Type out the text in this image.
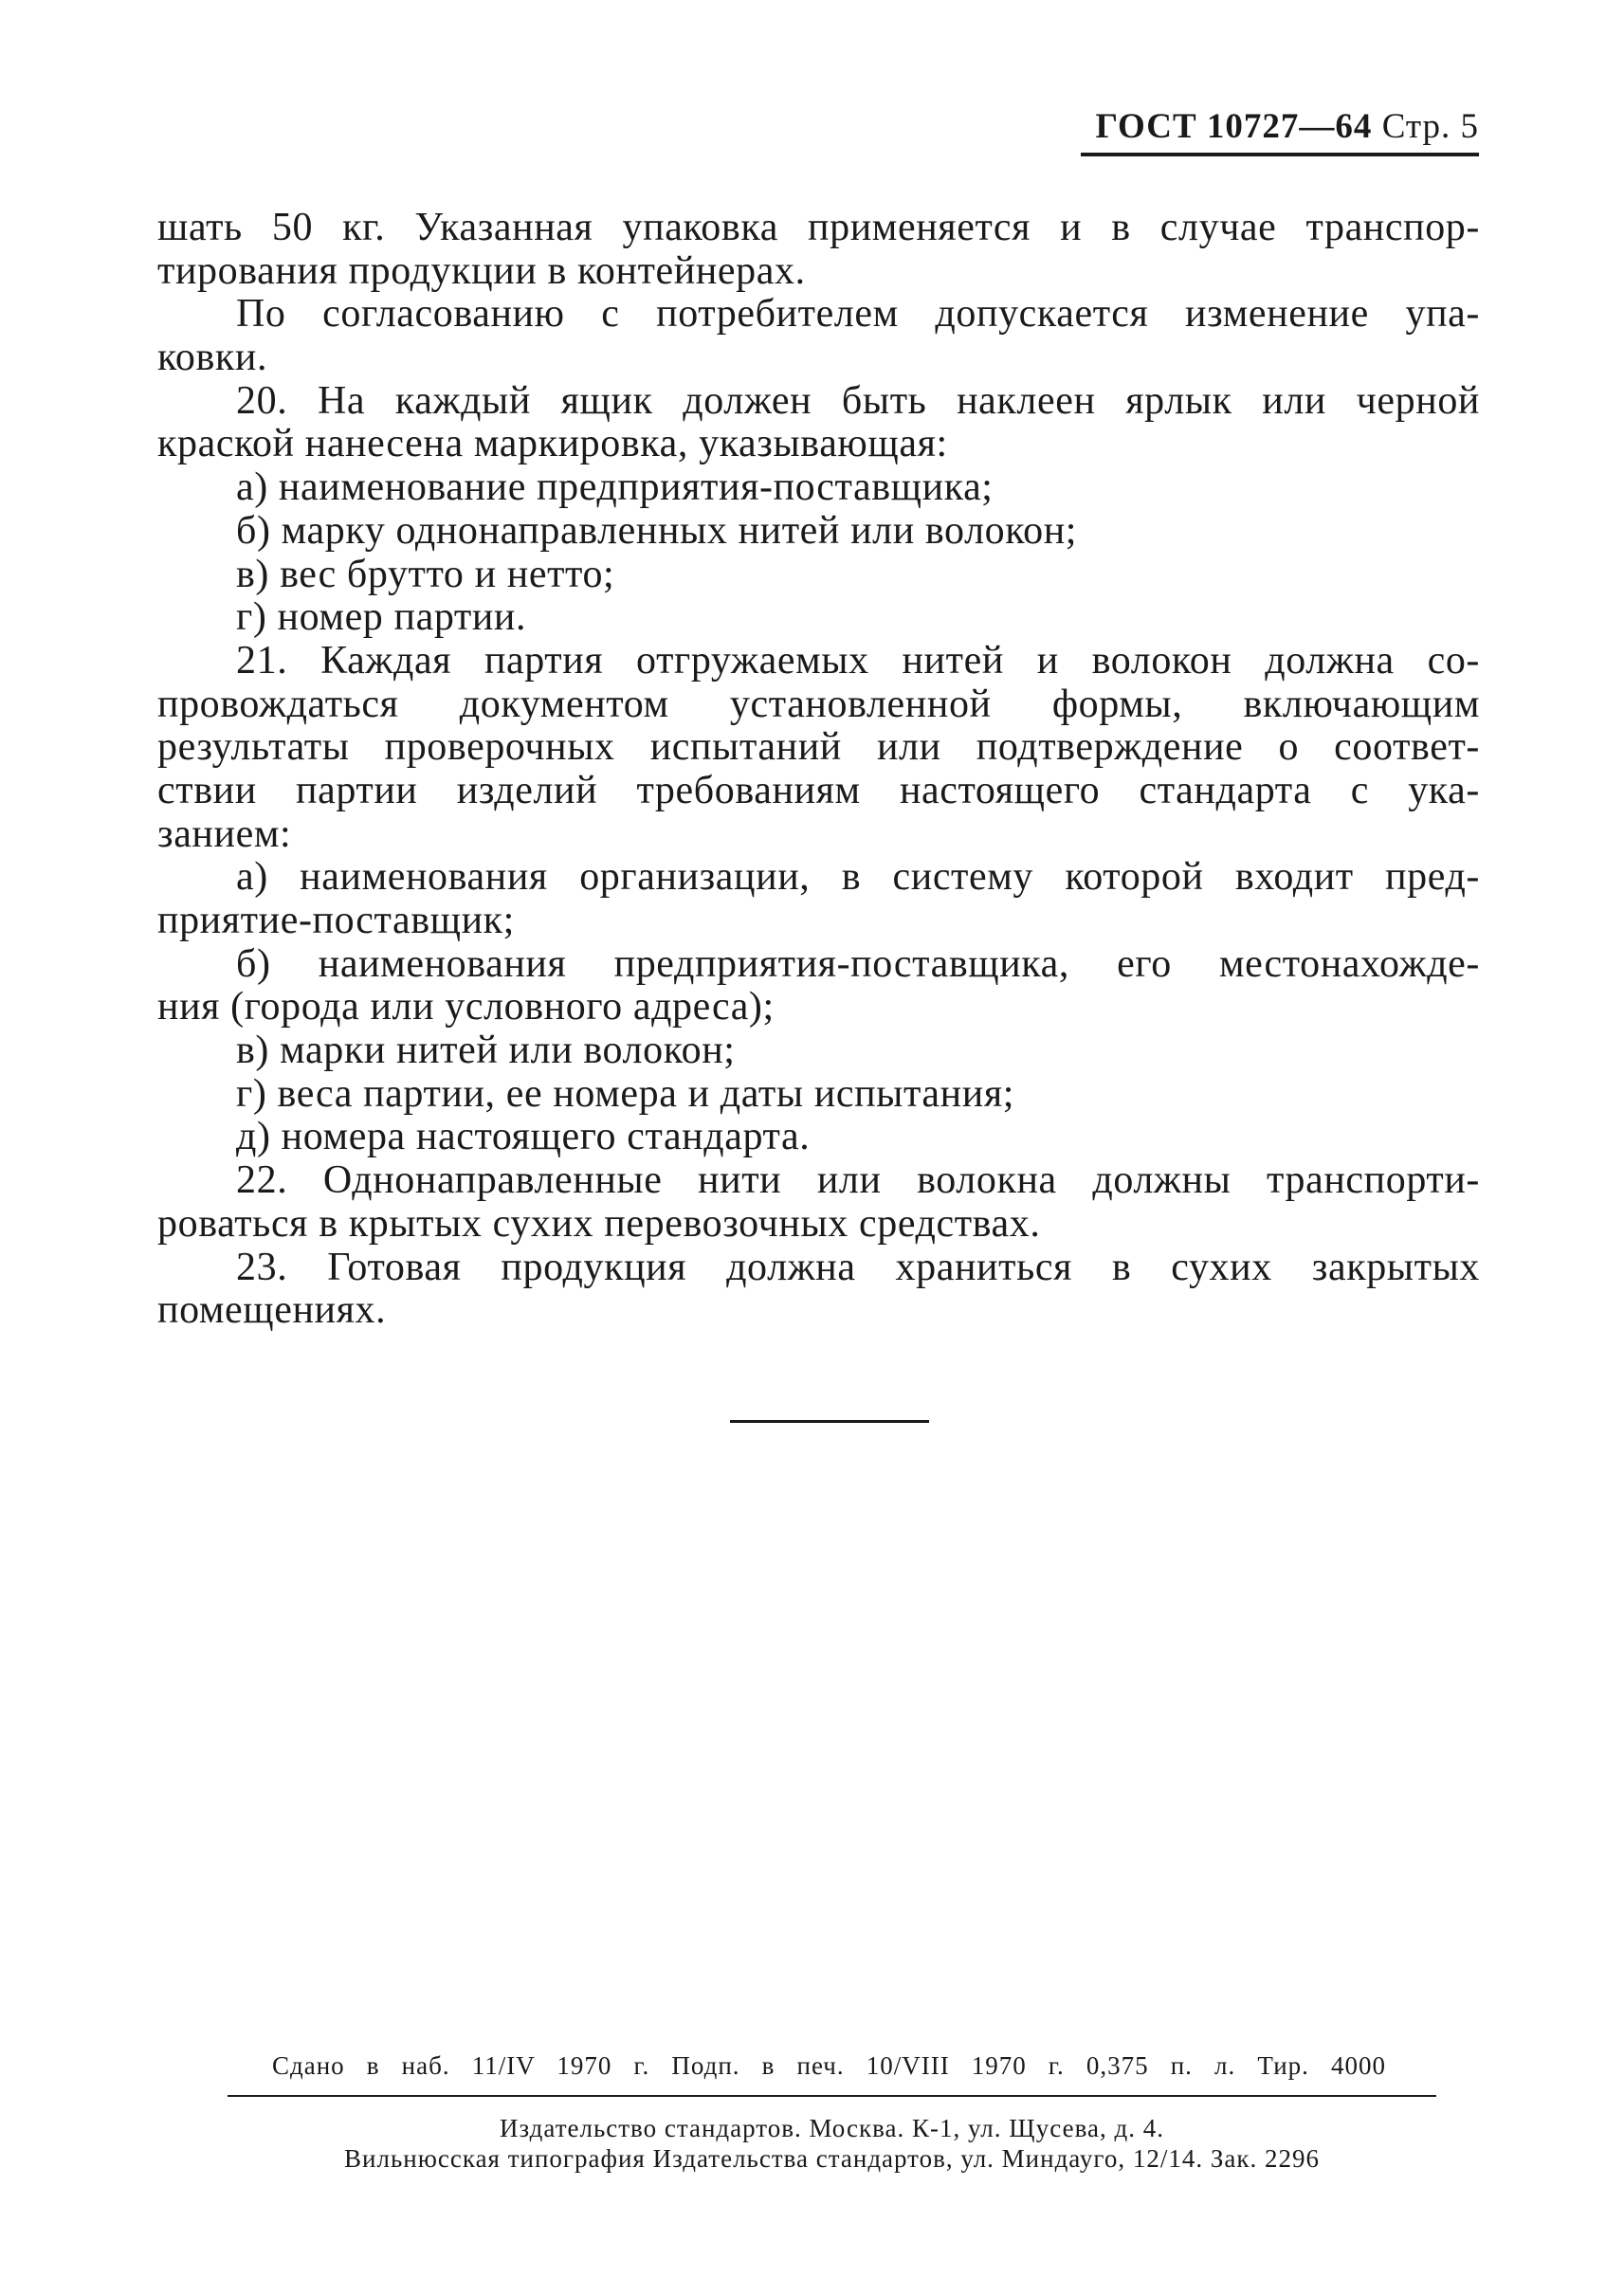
ГОСТ 10727—64 Стр. 5
шать 50 кг. Указанная упаковка применяется и в случае транспор-
тирования продукции в контейнерах.
По согласованию с потребителем допускается изменение упа-
ковки.
20. На каждый ящик должен быть наклеен ярлык или черной
краской нанесена маркировка, указывающая:
а) наименование предприятия-поставщика;
б) марку однонаправленных нитей или волокон;
в) вес брутто и нетто;
г) номер партии.
21. Каждая партия отгружаемых нитей и волокон должна со-
провождаться документом установленной формы, включающим
результаты проверочных испытаний или подтверждение о соответ-
ствии партии изделий требованиям настоящего стандарта с ука-
занием:
а) наименования организации, в систему которой входит пред-
приятие-поставщик;
б) наименования предприятия-поставщика, его местонахожде-
ния (города или условного адреса);
в) марки нитей или волокон;
г) веса партии, ее номера и даты испытания;
д) номера настоящего стандарта.
22. Однонаправленные нити или волокна должны транспорти-
роваться в крытых сухих перевозочных средствах.
23. Готовая продукция должна храниться в сухих закрытых
помещениях.
Сдано в наб. 11/IV 1970 г. Подп. в печ. 10/VIII 1970 г. 0,375 п. л. Тир. 4000
Издательство стандартов. Москва. К-1, ул. Щусева, д. 4.
Вильнюсская типография Издательства стандартов, ул. Миндауго, 12/14. Зак. 2296
